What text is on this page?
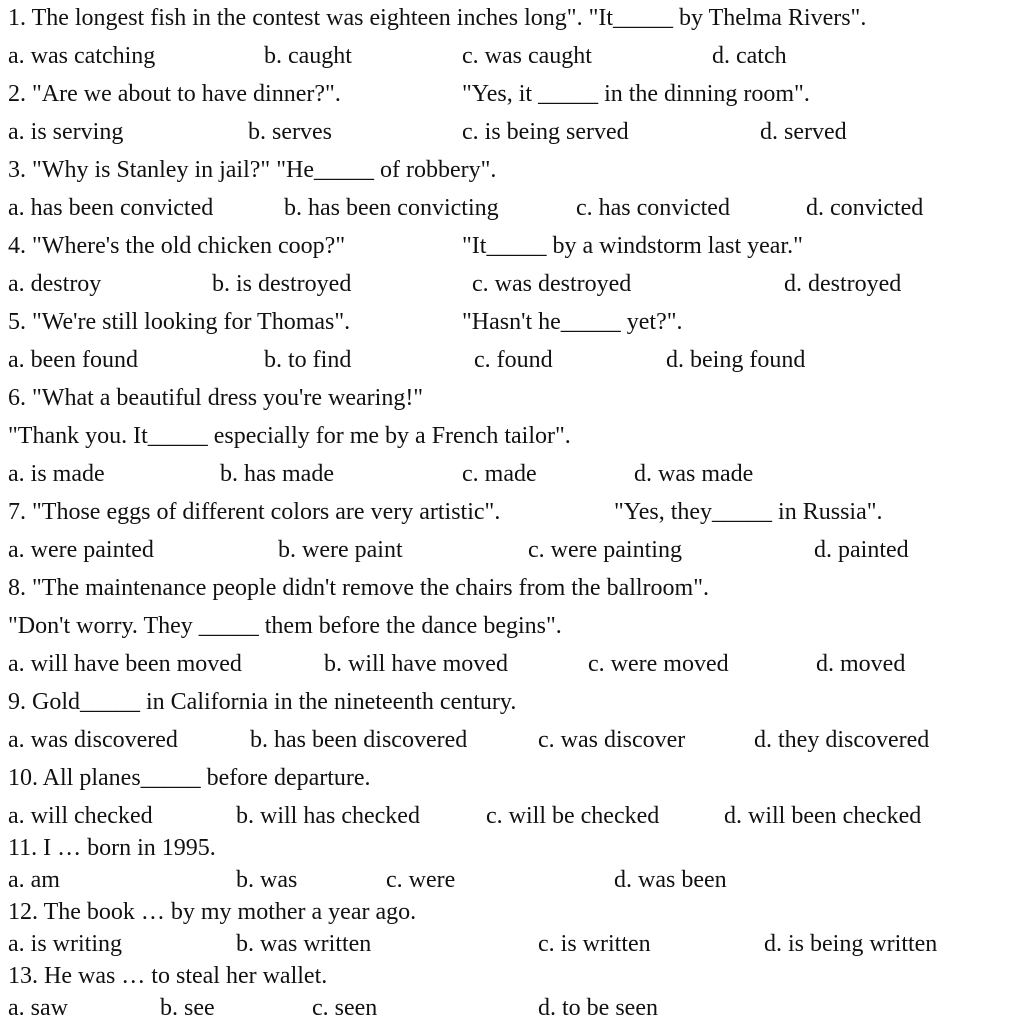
1. The longest fish in the contest was eighteen inches long". "It_____ by Thelma Rivers".
a. was catching	b. caught	c. was caught	d. catch
2. "Are we about to have dinner?".	"Yes, it _____ in the dinning room".
a. is serving	b. serves	c. is being served	d. served
3. "Why is Stanley in jail?" "He_____ of robbery".
a. has been convicted	b. has been convicting	c. has convicted	d. convicted
4. "Where's the old chicken coop?"	"It_____ by a windstorm last year."
a. destroy	b. is destroyed	c. was destroyed	d. destroyed
5. "We're still looking for Thomas".	"Hasn't he_____ yet?".
a. been found	b. to find	c. found	d. being found
6. "What a beautiful dress you're wearing!"
"Thank you. It_____ especially for me by a French tailor".
a. is made	b. has made	c. made	d. was made
7. "Those eggs of different colors are very artistic".	"Yes, they_____ in Russia".
a. were painted	b. were paint	c. were painting	d. painted
8. "The maintenance people didn't remove the chairs from the ballroom".
"Don't worry. They _____ them before the dance begins".
a. will have been moved	b. will have moved	c. were moved	d. moved
9. Gold_____ in California in the nineteenth century.
a. was discovered	b. has been discovered	c. was discover	d. they discovered
10. All planes_____ before departure.
a. will checked	b. will has checked	c. will be checked	d. will been checked
11. I … born in 1995.
a. am	b. was	c. were	d. was been
12. The book … by my mother a year ago.
a. is writing	b. was written	c. is written	d. is being written
13. He was … to steal her wallet.
a. saw	b. see	c. seen	d. to be seen
